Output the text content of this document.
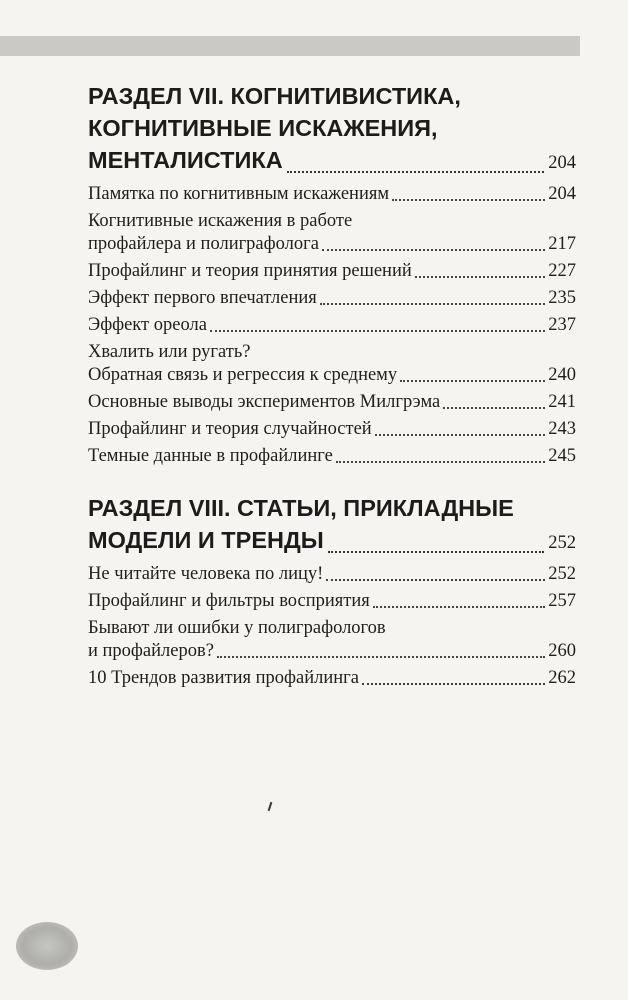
РАЗДЕЛ VII. КОГНИТИВИСТИКА,
КОГНИТИВНЫЕ ИСКАЖЕНИЯ,
МЕНТАЛИСТИКА	204
Памятка по когнитивным искажениям	204
Когнитивные искажения в работе
профайлера и полиграфолога	217
Профайлинг и теория принятия решений	227
Эффект первого впечатления	235
Эффект ореола	237
Хвалить или ругать?
Обратная связь и регрессия к среднему	240
Основные выводы экспериментов Милгрэма	241
Профайлинг и теория случайностей	243
Темные данные в профайлинге	245
РАЗДЕЛ VIII. СТАТЬИ, ПРИКЛАДНЫЕ
МОДЕЛИ И ТРЕНДЫ	252
Не читайте человека по лицу!	252
Профайлинг и фильтры восприятия	257
Бывают ли ошибки у полиграфологов
и профайлеров?	260
10 Трендов развития профайлинга	262
